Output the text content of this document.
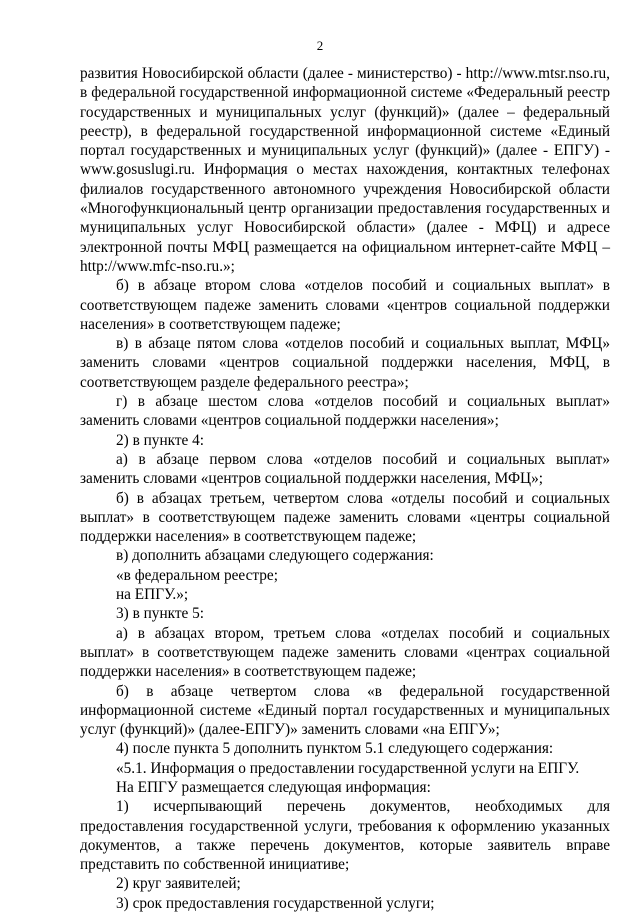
2

развития Новосибирской области (далее - министерство) - http://www.mtsr.nso.ru, в федеральной государственной информационной системе «Федеральный реестр государственных и муниципальных услуг (функций)» (далее – федеральный реестр), в федеральной государственной информационной системе «Единый портал государственных и муниципальных услуг (функций)» (далее - ЕПГУ) - www.gosuslugi.ru. Информация о местах нахождения, контактных телефонах филиалов государственного автономного учреждения Новосибирской области «Многофункциональный центр организации предоставления государственных и муниципальных услуг Новосибирской области» (далее - МФЦ) и адресе электронной почты МФЦ размещается на официальном интернет-сайте МФЦ – http://www.mfc-nso.ru.»;

б) в абзаце втором слова «отделов пособий и социальных выплат» в соответствующем падеже заменить словами «центров социальной поддержки населения» в соответствующем падеже;

в) в абзаце пятом слова «отделов пособий и социальных выплат, МФЦ» заменить словами «центров социальной поддержки населения, МФЦ, в соответствующем разделе федерального реестра»;

г) в абзаце шестом слова «отделов пособий и социальных выплат» заменить словами «центров социальной поддержки населения»;

2) в пункте 4:

а) в абзаце первом слова «отделов пособий и социальных выплат» заменить словами «центров социальной поддержки населения, МФЦ»;

б) в абзацах третьем, четвертом слова «отделы пособий и социальных выплат» в соответствующем падеже заменить словами «центры социальной поддержки населения» в соответствующем падеже;

в) дополнить абзацами следующего содержания:

«в федеральном реестре;

на ЕПГУ.»;

3) в пункте 5:

а) в абзацах втором, третьем слова «отделах пособий и социальных выплат» в соответствующем падеже заменить словами «центрах социальной поддержки населения» в соответствующем падеже;

б) в абзаце четвертом слова «в федеральной государственной информационной системе «Единый портал государственных и муниципальных услуг (функций)» (далее-ЕПГУ)» заменить словами «на ЕПГУ»;

4) после пункта 5 дополнить пунктом 5.1 следующего содержания:

«5.1. Информация о предоставлении государственной услуги на ЕПГУ.

На ЕПГУ размещается следующая информация:

1) исчерпывающий перечень документов, необходимых для предоставления государственной услуги, требования к оформлению указанных документов, а также перечень документов, которые заявитель вправе представить по собственной инициативе;

2) круг заявителей;

3) срок предоставления государственной услуги;
